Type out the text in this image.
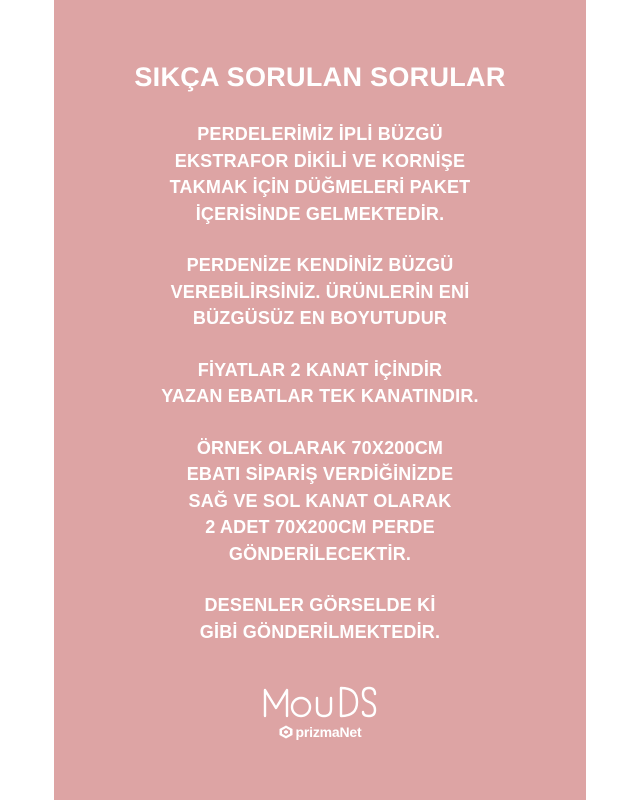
SIKÇA SORULAN SORULAR

PERDELERİMİZ İPLİ BÜZGÜ
EKSTRAFOR DİKİLİ VE KORNİŞE
TAKMAK İÇİN DÜĞMELERİ PAKET
İÇERİSİNDE GELMEKTEDİR.

PERDENİZE KENDİNİZ BÜZGÜ
VEREBİLİRSİNİZ. ÜRÜNLERİN ENİ
BÜZGÜSÜZ EN BOYUTUDUR

FİYATLAR 2 KANAT İÇİNDİR
YAZAN EBATLAR TEK KANATINDIR.

ÖRNEK OLARAK 70X200CM
EBATI SİPARİŞ VERDİĞİNİZDE
SAĞ VE SOL KANAT OLARAK
2 ADET 70X200CM PERDE
GÖNDERİLECEKTİR.

DESENLER GÖRSELDE Kİ
GİBİ GÖNDERİLMEKTEDİR.

prizmaNet
